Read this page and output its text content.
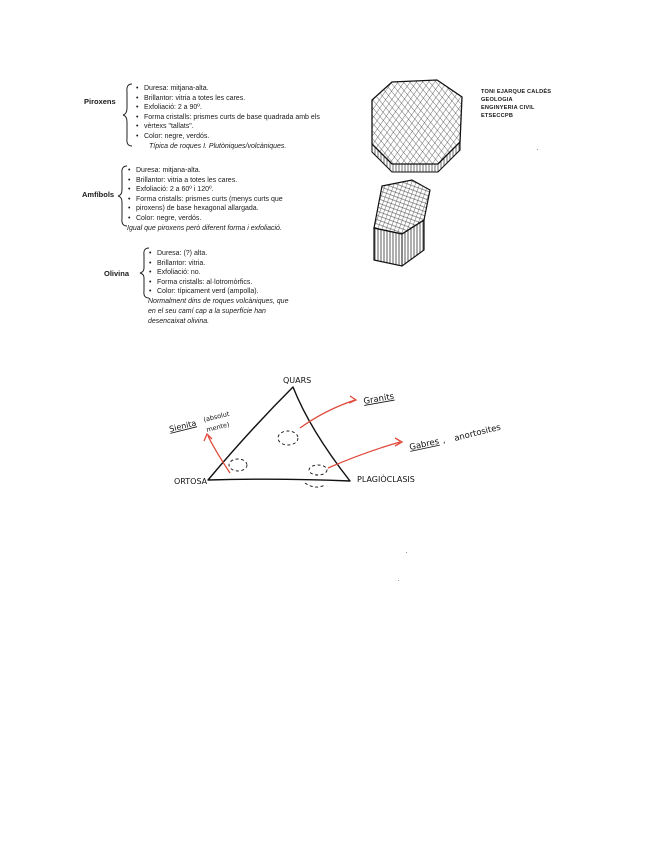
TONI EJARQUE CALDÉS
GEOLOGIA
ENGINYERIA CIVIL
ETSECCPB
Piroxens
• Duresa: mitjana-alta.
• Brillantor: vitria a totes les cares.
• Exfoliació: 2 a 90º.
• Forma cristalls: prismes curts de base quadrada amb els
• vèrtexs "tallats".
• Color: negre, verdós.
Típica de roques I. Plutòniques/volcàniques.
Amfíbols
• Duresa: mitjana-alta.
• Brillantor: vitria a totes les cares.
• Exfoliació: 2 a 60º i 120º.
• Forma cristalls: prismes curts (menys curts que
• piroxens) de base hexagonal allargada.
• Color: negre, verdós.
Igual que piroxens però diferent forma i exfoliació.
Olivina
• Duresa: (?) alta.
• Brillantor: vitria.
• Exfoliació: no.
• Forma cristalls: al·lotromòrfics.
• Color: típicament verd (ampolla).
Normalment dins de roques volcàniques, que
en el seu camí cap a la superfície han
desencaixat olivina.
QUARS
ORTOSA	PLAGIÒCLASIS
Granits
Sienita
(absolut
mente)
Gabres , anortosites
